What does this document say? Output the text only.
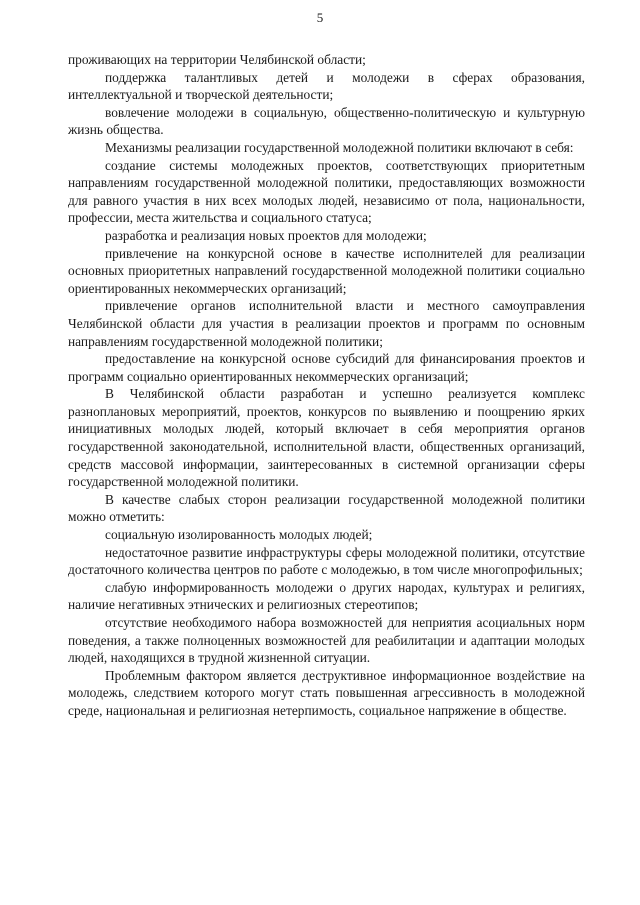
5

проживающих на территории Челябинской области;

поддержка талантливых детей и молодежи в сферах образования, интеллектуальной и творческой деятельности;

вовлечение молодежи в социальную, общественно-политическую и культурную жизнь общества.

Механизмы реализации государственной молодежной политики включают в себя:

создание системы молодежных проектов, соответствующих приоритетным направлениям государственной молодежной политики, предоставляющих возможности для равного участия в них всех молодых людей, независимо от пола, национальности, профессии, места жительства и социального статуса;

разработка и реализация новых проектов для молодежи;

привлечение на конкурсной основе в качестве исполнителей для реализации основных приоритетных направлений государственной молодежной политики социально ориентированных некоммерческих организаций;

привлечение органов исполнительной власти и местного самоуправления Челябинской области для участия в реализации проектов и программ по основным направлениям государственной молодежной политики;

предоставление на конкурсной основе субсидий для финансирования проектов и программ социально ориентированных некоммерческих организаций;

В Челябинской области разработан и успешно реализуется комплекс разноплановых мероприятий, проектов, конкурсов по выявлению и поощрению ярких инициативных молодых людей, который включает в себя мероприятия органов государственной законодательной, исполнительной власти, общественных организаций, средств массовой информации, заинтересованных в системной организации сферы государственной молодежной политики.

В качестве слабых сторон реализации государственной молодежной политики можно отметить:

социальную изолированность молодых людей;

недостаточное развитие инфраструктуры сферы молодежной политики, отсутствие достаточного количества центров по работе с молодежью, в том числе многопрофильных;

слабую информированность молодежи о других народах, культурах и религиях, наличие негативных этнических и религиозных стереотипов;

отсутствие необходимого набора возможностей для неприятия асоциальных норм поведения, а также полноценных возможностей для реабилитации и адаптации молодых людей, находящихся в трудной жизненной ситуации.

Проблемным фактором является деструктивное информационное воздействие на молодежь, следствием которого могут стать повышенная агрессивность в молодежной среде, национальная и религиозная нетерпимость, социальное напряжение в обществе.
